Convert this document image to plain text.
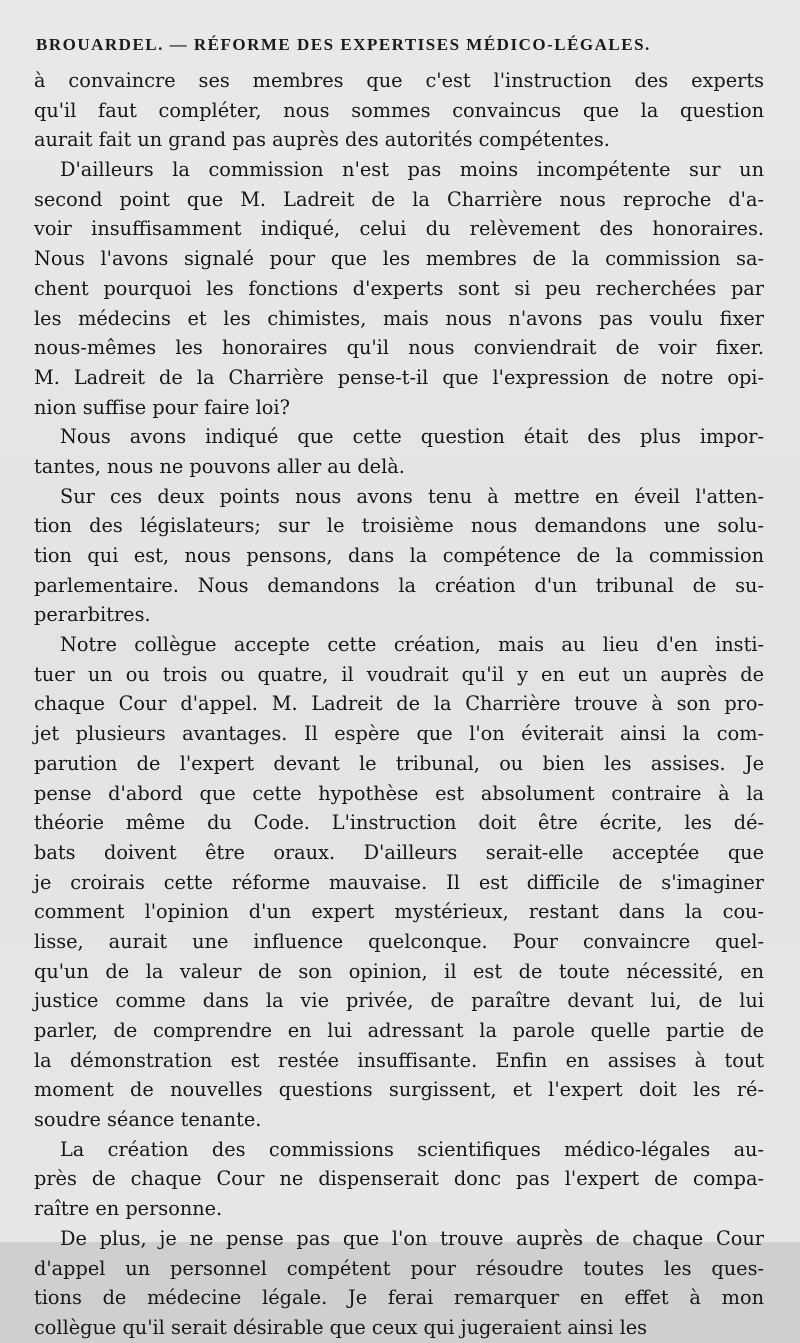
BROUARDEL. — RÉFORME DES EXPERTISES MÉDICO-LÉGALES.
à convaincre ses membres que c'est l'instruction des experts
qu'il faut compléter, nous sommes convaincus que la question
aurait fait un grand pas auprès des autorités compétentes.
D'ailleurs la commission n'est pas moins incompétente sur un
second point que M. Ladreit de la Charrière nous reproche d'a-
voir insuffisamment indiqué, celui du relèvement des honoraires.
Nous l'avons signalé pour que les membres de la commission sa-
chent pourquoi les fonctions d'experts sont si peu recherchées par
les médecins et les chimistes, mais nous n'avons pas voulu fixer
nous-mêmes les honoraires qu'il nous conviendrait de voir fixer.
M. Ladreit de la Charrière pense-t-il que l'expression de notre opi-
nion suffise pour faire loi?
Nous avons indiqué que cette question était des plus impor-
tantes, nous ne pouvons aller au delà.
Sur ces deux points nous avons tenu à mettre en éveil l'atten-
tion des législateurs; sur le troisième nous demandons une solu-
tion qui est, nous pensons, dans la compétence de la commission
parlementaire. Nous demandons la création d'un tribunal de su-
perarbitres.
Notre collègue accepte cette création, mais au lieu d'en insti-
tuer un ou trois ou quatre, il voudrait qu'il y en eut un auprès de
chaque Cour d'appel. M. Ladreit de la Charrière trouve à son pro-
jet plusieurs avantages. Il espère que l'on éviterait ainsi la com-
parution de l'expert devant le tribunal, ou bien les assises. Je
pense d'abord que cette hypothèse est absolument contraire à la
théorie même du Code. L'instruction doit être écrite, les dé-
bats doivent être oraux. D'ailleurs serait-elle acceptée que
je croirais cette réforme mauvaise. Il est difficile de s'imaginer
comment l'opinion d'un expert mystérieux, restant dans la cou-
lisse, aurait une influence quelconque. Pour convaincre quel-
qu'un de la valeur de son opinion, il est de toute nécessité, en
justice comme dans la vie privée, de paraître devant lui, de lui
parler, de comprendre en lui adressant la parole quelle partie de
la démonstration est restée insuffisante. Enfin en assises à tout
moment de nouvelles questions surgissent, et l'expert doit les ré-
soudre séance tenante.
La création des commissions scientifiques médico-légales au-
près de chaque Cour ne dispenserait donc pas l'expert de compa-
raître en personne.
De plus, je ne pense pas que l'on trouve auprès de chaque Cour
d'appel un personnel compétent pour résoudre toutes les ques-
tions de médecine légale. Je ferai remarquer en effet à mon
collègue qu'il serait désirable que ceux qui jugeraient ainsi les
